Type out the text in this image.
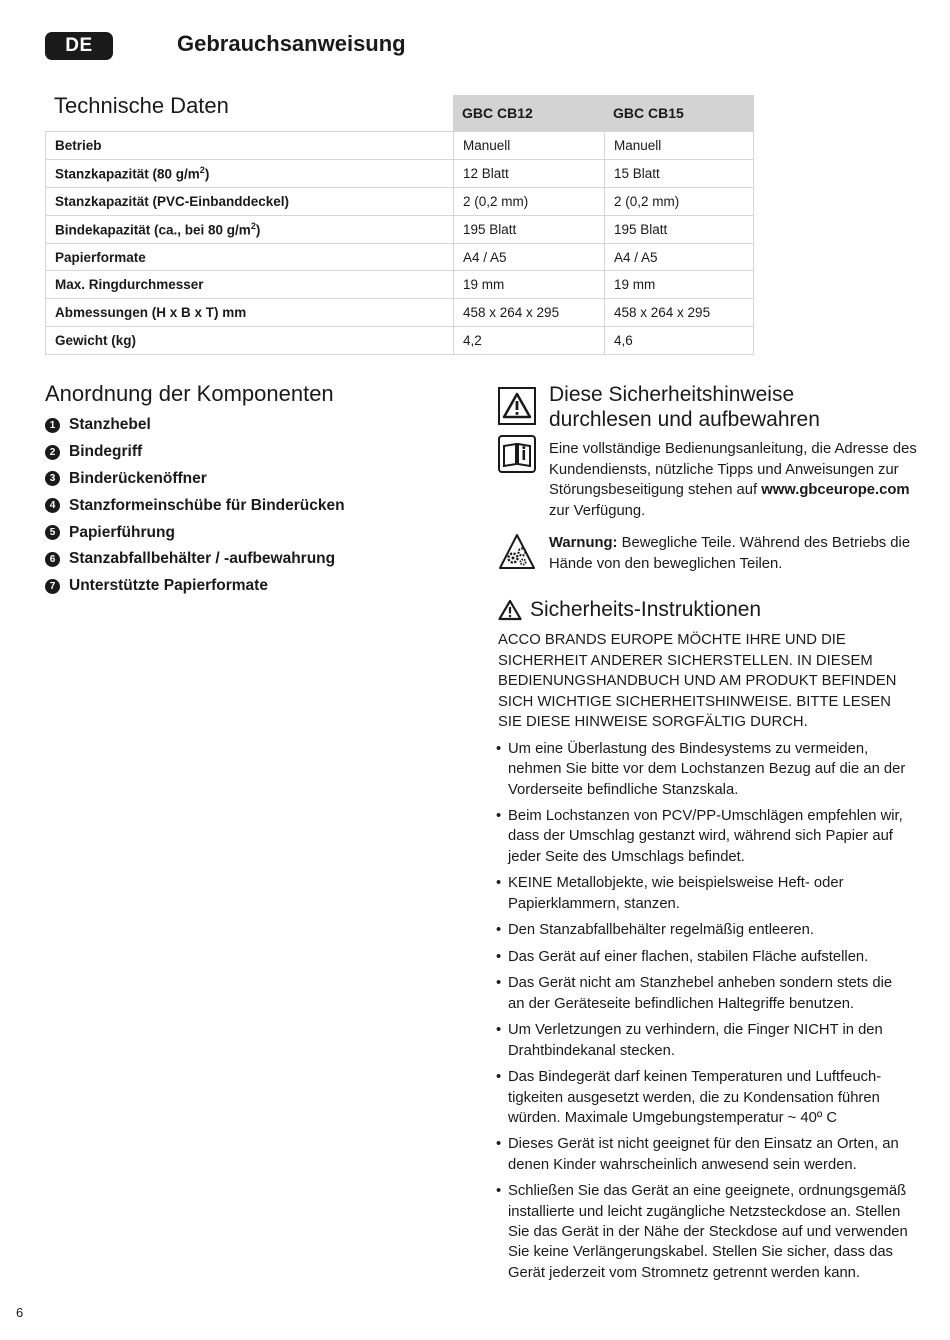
DE	Gebrauchsanweisung
Technische Daten	GBC CB12	GBC CB15
Betrieb	Manuell	Manuell
Stanzkapazität (80 $g/m^2$)	12 Blatt	15 Blatt
Stanzkapazität (PVC-Einbanddeckel)	2 (0,2 mm)	2 (0,2 mm)
Bindekapazität (ca., bei 80 $g/m^2$)	195 Blatt	195 Blatt
Papierformate	A4 / A5	A4 / A5
Max. Ringdurchmesser	19 mm	19 mm
Abmessungen (H x B x T) mm	458 x 264 x 295	458 x 264 x 295
Gewicht (kg)	4,2	4,6
Anordnung der Komponenten
1 Stanzhebel
2 Bindegriff
3 Binderückenöffner
4 Stanzformeinschübe für Binderücken
5 Papierführung
6 Stanzabfallbehälter / -aufbewahrung
7 Unterstützte Papierformate
Diese Sicherheitshinweise
durchlesen und aufbewahren
Eine vollständige Bedienungsanleitung, die Adresse des Kundendiensts, nützliche Tipps und Anweisungen zur Störungsbeseitigung stehen auf www.gbceurope.com zur Verfügung.
Warnung: Bewegliche Teile. Während des Betriebs die Hände von den beweglichen Teilen.
Sicherheits-Instruktionen
ACCO BRANDS EUROPE MÖCHTE IHRE UND DIE SICHERHEIT ANDERER SICHERSTELLEN. IN DIESEM BEDIENUNGSHANDBUCH UND AM PRODUKT BEFINDEN SICH WICHTIGE SICHERHEITSHINWEISE. BITTE LESEN SIE DIESE HINWEISE SORGFÄLTIG DURCH.
• Um eine Überlastung des Bindesystems zu vermeiden, nehmen Sie bitte vor dem Lochstanzen Bezug auf die an der Vorderseite befindliche Stanzskala.
• Beim Lochstanzen von PCV/PP-Umschlägen empfehlen wir, dass der Umschlag gestanzt wird, während sich Papier auf jeder Seite des Umschlags befindet.
• KEINE Metallobjekte, wie beispielsweise Heft- oder Papierklammern, stanzen.
• Den Stanzabfallbehälter regelmäßig entleeren.
• Das Gerät auf einer flachen, stabilen Fläche aufstellen.
• Das Gerät nicht am Stanzhebel anheben sondern stets die an der Geräteseite befindlichen Haltegriffe benutzen.
• Um Verletzungen zu verhindern, die Finger NICHT in den Drahtbindekanal stecken.
• Das Bindegerät darf keinen Temperaturen und Luftfeuchtigkeiten ausgesetzt werden, die zu Kondensation führen würden. Maximale Umgebungstemperatur ~ 40º C
• Dieses Gerät ist nicht geeignet für den Einsatz an Orten, an denen Kinder wahrscheinlich anwesend sein werden.
• Schließen Sie das Gerät an eine geeignete, ordnungsgemäß installierte und leicht zugängliche Netzsteckdose an. Stellen Sie das Gerät in der Nähe der Steckdose auf und verwenden Sie keine Verlängerungskabel. Stellen Sie sicher, dass das Gerät jederzeit vom Stromnetz getrennt werden kann.
6
